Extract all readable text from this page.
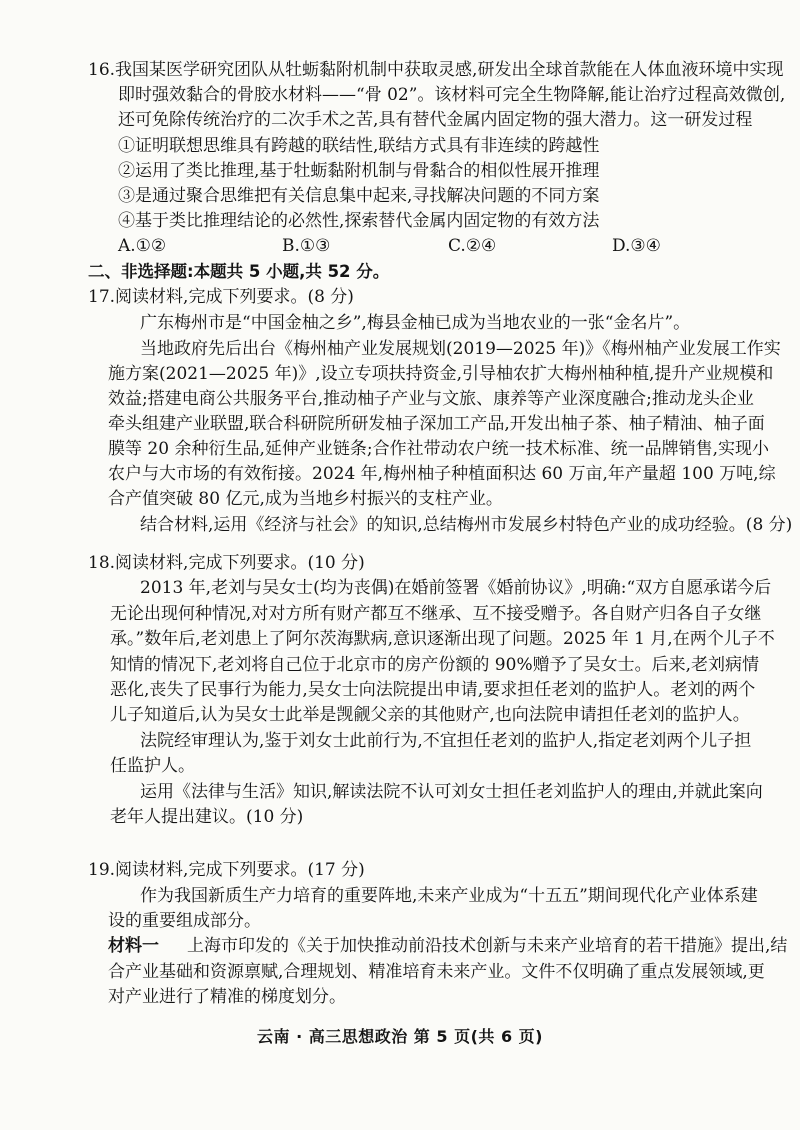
16.我国某医学研究团队从牡蛎黏附机制中获取灵感,研发出全球首款能在人体血液环境中实现
即时强效黏合的骨胶水材料——“骨 02”。该材料可完全生物降解,能让治疗过程高效微创,
还可免除传统治疗的二次手术之苦,具有替代金属内固定物的强大潜力。这一研发过程
①证明联想思维具有跨越的联结性,联结方式具有非连续的跨越性
②运用了类比推理,基于牡蛎黏附机制与骨黏合的相似性展开推理
③是通过聚合思维把有关信息集中起来,寻找解决问题的不同方案
④基于类比推理结论的必然性,探索替代金属内固定物的有效方法
A.①②	B.①③	C.②④	D.③④
二、非选择题:本题共 5 小题,共 52 分。
17.阅读材料,完成下列要求。(8 分)
广东梅州市是“中国金柚之乡”,梅县金柚已成为当地农业的一张“金名片”。
当地政府先后出台《梅州柚产业发展规划(2019—2025 年)》《梅州柚产业发展工作实
施方案(2021—2025 年)》,设立专项扶持资金,引导柚农扩大梅州柚种植,提升产业规模和
效益;搭建电商公共服务平台,推动柚子产业与文旅、康养等产业深度融合;推动龙头企业
牵头组建产业联盟,联合科研院所研发柚子深加工产品,开发出柚子茶、柚子精油、柚子面
膜等 20 余种衍生品,延伸产业链条;合作社带动农户统一技术标准、统一品牌销售,实现小
农户与大市场的有效衔接。2024 年,梅州柚子种植面积达 60 万亩,年产量超 100 万吨,综
合产值突破 80 亿元,成为当地乡村振兴的支柱产业。
结合材料,运用《经济与社会》的知识,总结梅州市发展乡村特色产业的成功经验。(8 分)
18.阅读材料,完成下列要求。(10 分)
2013 年,老刘与吴女士(均为丧偶)在婚前签署《婚前协议》,明确:“双方自愿承诺今后
无论出现何种情况,对对方所有财产都互不继承、互不接受赠予。各自财产归各自子女继
承。”数年后,老刘患上了阿尔茨海默病,意识逐渐出现了问题。2025 年 1 月,在两个儿子不
知情的情况下,老刘将自己位于北京市的房产份额的 90%赠予了吴女士。后来,老刘病情
恶化,丧失了民事行为能力,吴女士向法院提出申请,要求担任老刘的监护人。老刘的两个
儿子知道后,认为吴女士此举是觊觎父亲的其他财产,也向法院申请担任老刘的监护人。
法院经审理认为,鉴于刘女士此前行为,不宜担任老刘的监护人,指定老刘两个儿子担
任监护人。
运用《法律与生活》知识,解读法院不认可刘女士担任老刘监护人的理由,并就此案向
老年人提出建议。(10 分)
19.阅读材料,完成下列要求。(17 分)
作为我国新质生产力培育的重要阵地,未来产业成为“十五五”期间现代化产业体系建
设的重要组成部分。
材料一 上海市印发的《关于加快推动前沿技术创新与未来产业培育的若干措施》提出,结
合产业基础和资源禀赋,合理规划、精准培育未来产业。文件不仅明确了重点发展领域,更
对产业进行了精准的梯度划分。
云南 · 高三思想政治 第 5 页(共 6 页)
